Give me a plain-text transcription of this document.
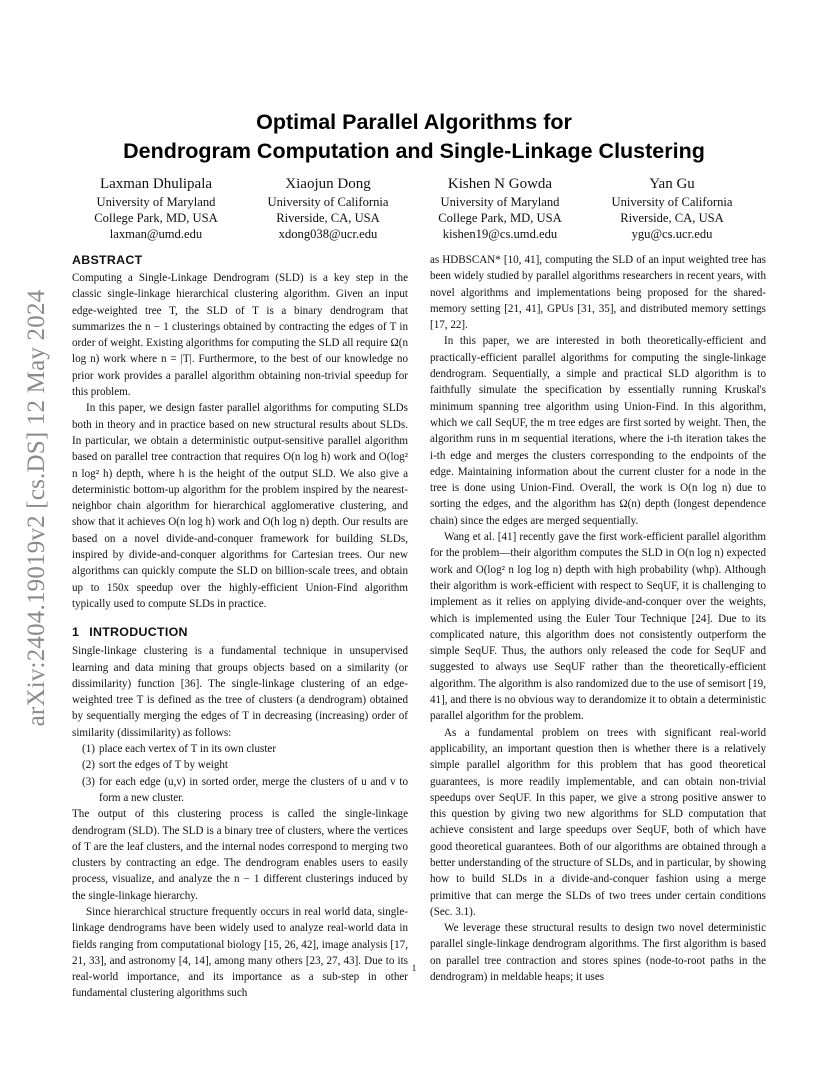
arXiv:2404.19019v2 [cs.DS] 12 May 2024
Optimal Parallel Algorithms for
Dendrogram Computation and Single-Linkage Clustering
Laxman Dhulipala
University of Maryland
College Park, MD, USA
laxman@umd.edu
Xiaojun Dong
University of California
Riverside, CA, USA
xdong038@ucr.edu
Kishen N Gowda
University of Maryland
College Park, MD, USA
kishen19@cs.umd.edu
Yan Gu
University of California
Riverside, CA, USA
ygu@cs.ucr.edu
ABSTRACT

Computing a Single-Linkage Dendrogram (SLD) is a key step in the classic single-linkage hierarchical clustering algorithm. Given an input edge-weighted tree T, the SLD of T is a binary dendrogram that summarizes the n − 1 clusterings obtained by contracting the edges of T in order of weight. Existing algorithms for computing the SLD all require Ω(n log n) work where n = |T|. Furthermore, to the best of our knowledge no prior work provides a parallel algorithm obtaining non-trivial speedup for this problem.

In this paper, we design faster parallel algorithms for computing SLDs both in theory and in practice based on new structural results about SLDs. In particular, we obtain a deterministic output-sensitive parallel algorithm based on parallel tree contraction that requires O(n log h) work and O(log² n log² h) depth, where h is the height of the output SLD. We also give a deterministic bottom-up algorithm for the problem inspired by the nearest-neighbor chain algorithm for hierarchical agglomerative clustering, and show that it achieves O(n log h) work and O(h log n) depth. Our results are based on a novel divide-and-conquer framework for building SLDs, inspired by divide-and-conquer algorithms for Cartesian trees. Our new algorithms can quickly compute the SLD on billion-scale trees, and obtain up to 150x speedup over the highly-efficient Union-Find algorithm typically used to compute SLDs in practice.

1 INTRODUCTION

Single-linkage clustering is a fundamental technique in unsupervised learning and data mining that groups objects based on a similarity (or dissimilarity) function [36]. The single-linkage clustering of an edge-weighted tree T is defined as the tree of clusters (a dendrogram) obtained by sequentially merging the edges of T in decreasing (increasing) order of similarity (dissimilarity) as follows:

(1) place each vertex of T in its own cluster
(2) sort the edges of T by weight
(3) for each edge (u,v) in sorted order, merge the clusters of u and v to form a new cluster.

The output of this clustering process is called the single-linkage dendrogram (SLD). The SLD is a binary tree of clusters, where the vertices of T are the leaf clusters, and the internal nodes correspond to merging two clusters by contracting an edge. The dendrogram enables users to easily process, visualize, and analyze the n − 1 different clusterings induced by the single-linkage hierarchy.

Since hierarchical structure frequently occurs in real world data, single-linkage dendrograms have been widely used to analyze real-world data in fields ranging from computational biology [15, 26, 42], image analysis [17, 21, 33], and astronomy [4, 14], among many others [23, 27, 43]. Due to its real-world importance, and its importance as a sub-step in other fundamental clustering algorithms such

as HDBSCAN* [10, 41], computing the SLD of an input weighted tree has been widely studied by parallel algorithms researchers in recent years, with novel algorithms and implementations being proposed for the shared-memory setting [21, 41], GPUs [31, 35], and distributed memory settings [17, 22].

In this paper, we are interested in both theoretically-efficient and practically-efficient parallel algorithms for computing the single-linkage dendrogram. Sequentially, a simple and practical SLD algorithm is to faithfully simulate the specification by essentially running Kruskal's minimum spanning tree algorithm using Union-Find. In this algorithm, which we call SeqUF, the m tree edges are first sorted by weight. Then, the algorithm runs in m sequential iterations, where the i-th iteration takes the i-th edge and merges the clusters corresponding to the endpoints of the edge. Maintaining information about the current cluster for a node in the tree is done using Union-Find. Overall, the work is O(n log n) due to sorting the edges, and the algorithm has Ω(n) depth (longest dependence chain) since the edges are merged sequentially.

Wang et al. [41] recently gave the first work-efficient parallel algorithm for the problem—their algorithm computes the SLD in O(n log n) expected work and O(log² n log log n) depth with high probability (whp). Although their algorithm is work-efficient with respect to SeqUF, it is challenging to implement as it relies on applying divide-and-conquer over the weights, which is implemented using the Euler Tour Technique [24]. Due to its complicated nature, this algorithm does not consistently outperform the simple SeqUF. Thus, the authors only released the code for SeqUF and suggested to always use SeqUF rather than the theoretically-efficient algorithm. The algorithm is also randomized due to the use of semisort [19, 41], and there is no obvious way to derandomize it to obtain a deterministic parallel algorithm for the problem.

As a fundamental problem on trees with significant real-world applicability, an important question then is whether there is a relatively simple parallel algorithm for this problem that has good theoretical guarantees, is more readily implementable, and can obtain non-trivial speedups over SeqUF. In this paper, we give a strong positive answer to this question by giving two new algorithms for SLD computation that achieve consistent and large speedups over SeqUF, both of which have good theoretical guarantees. Both of our algorithms are obtained through a better understanding of the structure of SLDs, and in particular, by showing how to build SLDs in a divide-and-conquer fashion using a merge primitive that can merge the SLDs of two trees under certain conditions (Sec. 3.1).

We leverage these structural results to design two novel deterministic parallel single-linkage dendrogram algorithms. The first algorithm is based on parallel tree contraction and stores spines (node-to-root paths in the dendrogram) in meldable heaps; it uses

1
